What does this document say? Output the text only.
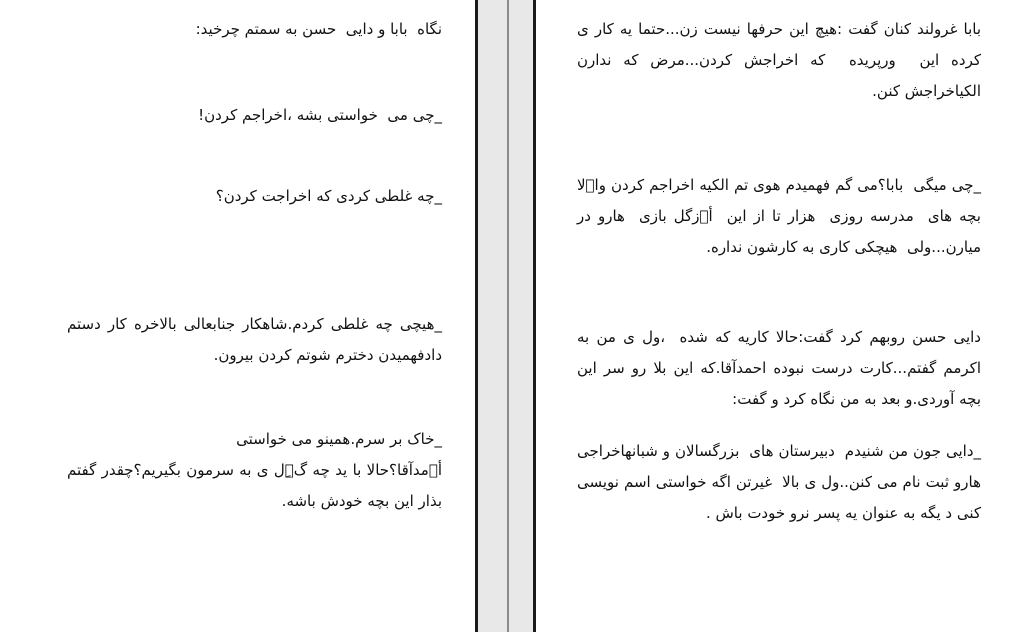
نگاه  بابا و دایی  حسن به سمتم چرخید:

_چی می  خواستی بشه ،اخراجم کردن!

_چه غلطی کردی که اخراجت کردن؟

_هیچی چه غلطی کردم.شاهکار جنابعالی بالاخره کار دستم دادفهمیدن دخترم شوتم کردن بیرون.

_خاک بر سرم.همینو می خواستی
أ مدآقا؟حالا با ید چه گ ِل ی به سرمون بگیریم؟چقدر گفتم بذار این بچه خودش باشه.

بابا غرولند کنان گفت :هیچ این حرفها نیست زن...حتما یه کار ی کرده این  ورپریده  که اخراجش کردن...مرض که ندارن الکیاخراجش کنن.

_چی میگی  بابا؟می گم فهمیدم هوی تم الکیه اخراجم کردن وا لا بچه های  مدرسه روزی  هزار تا از این  أ زگل بازی  هارو در میارن...ولی  هیچکی کاری به کارشون نداره.

دایی حسن روبهم کرد گفت:حالا کاریه که شده  ،ول ی من به اکرمم گفتم...کارت درست نبوده احمدآقا.که این بلا رو سر این بچه آوردی.و بعد به من نگاه کرد و گفت:

_دایی جون من شنیدم  دبیرستان های  بزرگسالان و شبانهاخراجی هارو ثبت نام می کنن..ول ی بالا  غیرتن اگه خواستی اسم نویسی کنی د یگه به عنوان یه پسر نرو خودت باش .
